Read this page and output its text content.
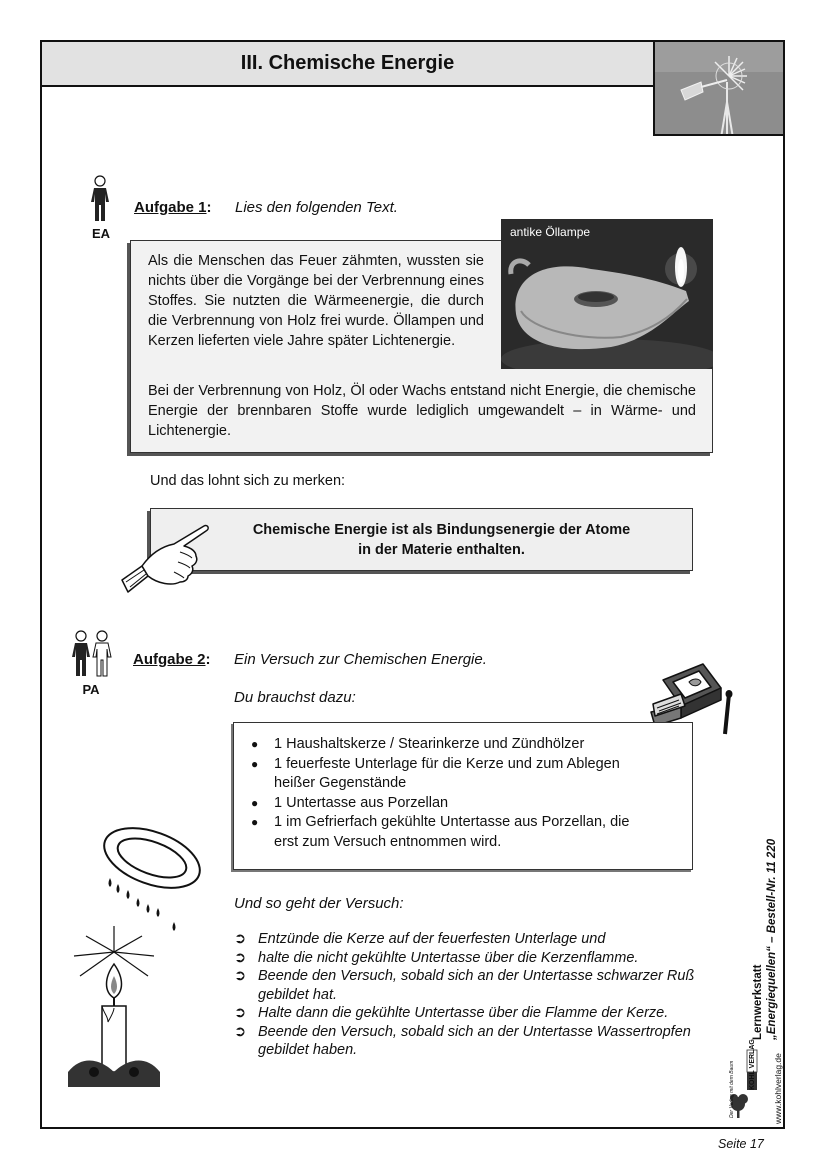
III. Chemische Energie
EA
Aufgabe 1: Lies den folgenden Text.
Als die Menschen das Feuer zähmten, wussten sie nichts über die Vorgänge bei der Verbrennung eines Stoffes. Sie nutzten die Wärmeenergie, die durch die Verbrennung von Holz frei wurde. Öllampen und Kerzen lieferten viele Jahre später Lichtenergie.
Bei der Verbrennung von Holz, Öl oder Wachs entstand nicht Energie, die chemische Energie der brennbaren Stoffe wurde lediglich umgewandelt – in Wärme- und Lichtenergie.
antike Öllampe
Und das lohnt sich zu merken:
Chemische Energie ist als Bindungsenergie der Atome
in der Materie enthalten.
PA
Aufgabe 2: Ein Versuch zur Chemischen Energie.
Du brauchst dazu:
● 1 Haushaltskerze / Stearinkerze und Zündhölzer
● 1 feuerfeste Unterlage für die Kerze und zum Ablegen heißer Gegenstände
● 1 Untertasse aus Porzellan
● 1 im Gefrierfach gekühlte Untertasse aus Porzellan, die erst zum Versuch entnommen wird.
Und so geht der Versuch:
➲ Entzünde die Kerze auf der feuerfesten Unterlage und
➲ halte die nicht gekühlte Untertasse über die Kerzenflamme.
➲ Beende den Versuch, sobald sich an der Untertasse schwarzer Ruß gebildet hat.
➲ Halte dann die gekühlte Untertasse über die Flamme der Kerze.
➲ Beende den Versuch, sobald sich an der Untertasse Wassertropfen gebildet haben.
Lernwerkstatt „Energiequellen“ – Bestell-Nr. 11 220
www.kohlverlag.de
KOHL VERLAG
Der Verlag mit dem Baum
Seite 17
